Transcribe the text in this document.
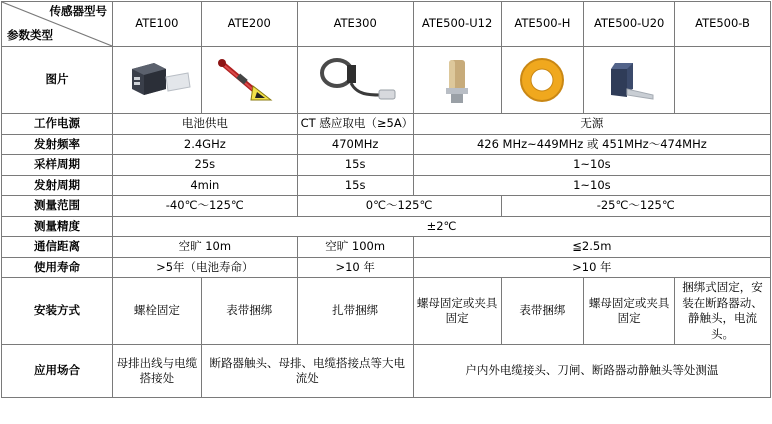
传感器型号
参数类型	ATE100	ATE200	ATE300	ATE500-U12	ATE500-H	ATE500-U20	ATE500-B
图片	

工作电源	电池供电		CT 感应取电（≥5A）	无源			
发射频率	2.4GHz		470MHz	426 MHz~449MHz 或 451MHz～474MHz			
采样周期	25s		15s	1~10s			
发射周期	4min		15s	1~10s			
测量范围	-40℃～125℃		0℃～125℃		-25℃～125℃		
测量精度	±2℃						
通信距离	空旷 10m		空旷 100m	≦2.5m			
使用寿命	>5年（电池寿命）		>10 年	>10 年			
安装方式	螺栓固定	表带捆绑	扎带捆绑	螺母固定或夹具固定	表带捆绑	螺母固定或夹具固定	捆绑式固定，安装在断路器动、静触头，电流头。
应用场合	母排出线与电缆搭接处	断路器触头、母排、电缆搭接点等大电流处		户内外电缆接头、刀闸、断路器动静触头等处测温			
